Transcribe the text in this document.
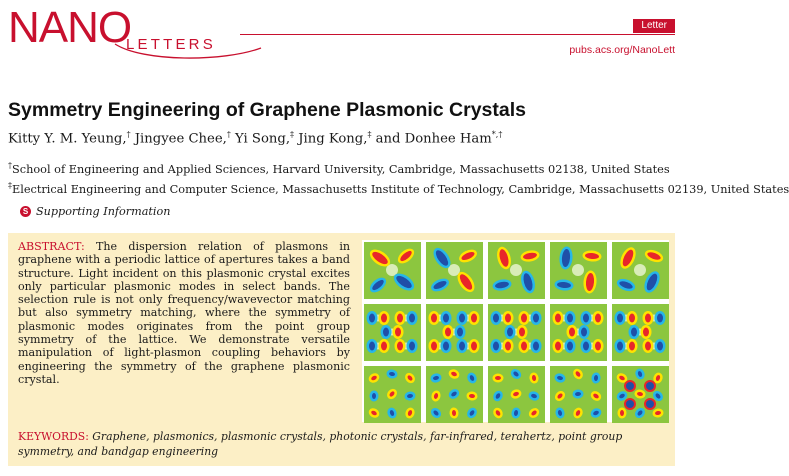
NANO
LETTERS
Letter
pubs.acs.org/NanoLett
Symmetry Engineering of Graphene Plasmonic Crystals
Kitty Y. M. Yeung,† Jingyee Chee,† Yi Song,‡ Jing Kong,‡ and Donhee Ham*,†
†School of Engineering and Applied Sciences, Harvard University, Cambridge, Massachusetts 02138, United States
‡Electrical Engineering and Computer Science, Massachusetts Institute of Technology, Cambridge, Massachusetts 02139, United States
S Supporting Information
ABSTRACT: The dispersion relation of plasmons in graphene with a periodic lattice of apertures takes a band structure. Light incident on this plasmonic crystal excites only particular plasmonic modes in select bands. The selection rule is not only frequency/wavevector matching but also symmetry matching, where the symmetry of plasmonic modes originates from the point group symmetry of the lattice. We demonstrate versatile manipulation of light-plasmon coupling behaviors by engineering the symmetry of the graphene plasmonic crystal.
KEYWORDS: Graphene, plasmonics, plasmonic crystals, photonic crystals, far-infrared, terahertz, point group symmetry, and bandgap engineering
